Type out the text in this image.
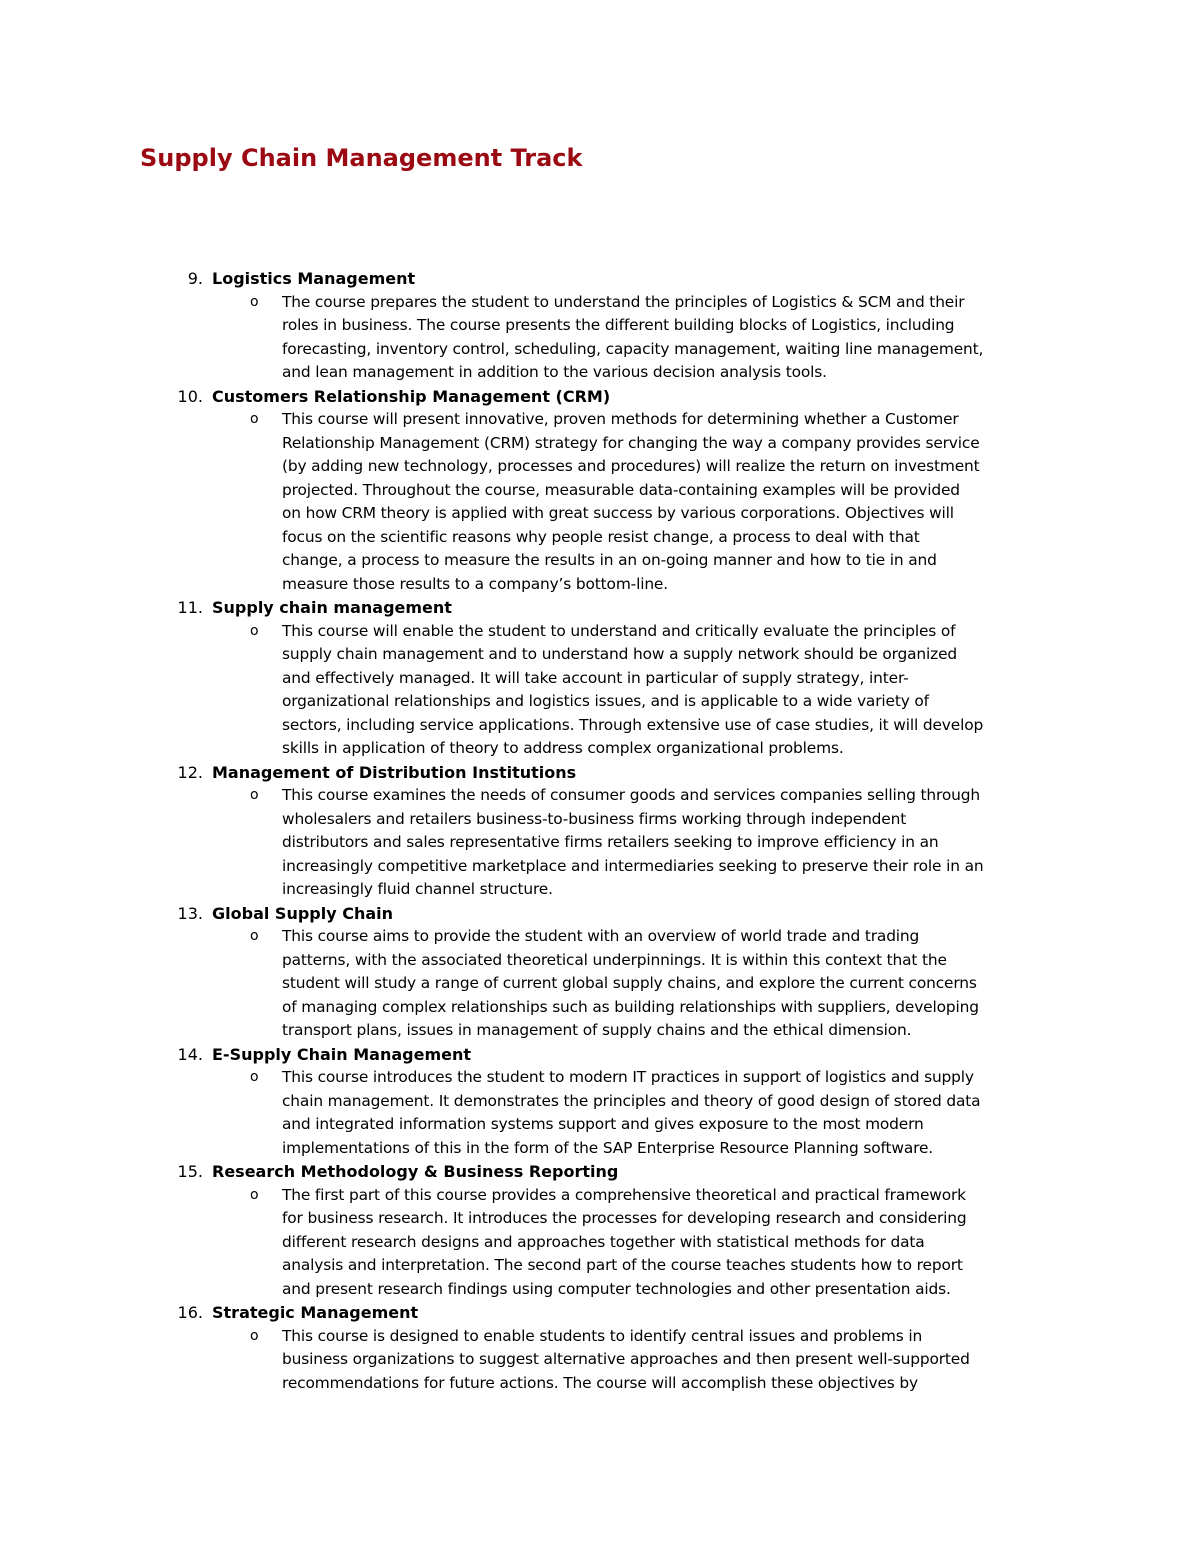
Supply Chain Management Track
9. Logistics Management
o The course prepares the student to understand the principles of Logistics & SCM and their
roles in business. The course presents the different building blocks of Logistics, including
forecasting, inventory control, scheduling, capacity management, waiting line management,
and lean management in addition to the various decision analysis tools.

10. Customers Relationship Management (CRM)
o This course will present innovative, proven methods for determining whether a Customer
Relationship Management (CRM) strategy for changing the way a company provides service
(by adding new technology, processes and procedures) will realize the return on investment
projected. Throughout the course, measurable data-containing examples will be provided
on how CRM theory is applied with great success by various corporations. Objectives will
focus on the scientific reasons why people resist change, a process to deal with that
change, a process to measure the results in an on-going manner and how to tie in and
measure those results to a company’s bottom-line.

11. Supply chain management
o This course will enable the student to understand and critically evaluate the principles of
supply chain management and to understand how a supply network should be organized
and effectively managed. It will take account in particular of supply strategy, inter-
organizational relationships and logistics issues, and is applicable to a wide variety of
sectors, including service applications. Through extensive use of case studies, it will develop
skills in application of theory to address complex organizational problems.

12. Management of Distribution Institutions
o This course examines the needs of consumer goods and services companies selling through
wholesalers and retailers business-to-business firms working through independent
distributors and sales representative firms retailers seeking to improve efficiency in an
increasingly competitive marketplace and intermediaries seeking to preserve their role in an
increasingly fluid channel structure.

13. Global Supply Chain
o This course aims to provide the student with an overview of world trade and trading
patterns, with the associated theoretical underpinnings. It is within this context that the
student will study a range of current global supply chains, and explore the current concerns
of managing complex relationships such as building relationships with suppliers, developing
transport plans, issues in management of supply chains and the ethical dimension.

14. E-Supply Chain Management
o This course introduces the student to modern IT practices in support of logistics and supply
chain management. It demonstrates the principles and theory of good design of stored data
and integrated information systems support and gives exposure to the most modern
implementations of this in the form of the SAP Enterprise Resource Planning software.

15. Research Methodology & Business Reporting
o The first part of this course provides a comprehensive theoretical and practical framework
for business research. It introduces the processes for developing research and considering
different research designs and approaches together with statistical methods for data
analysis and interpretation. The second part of the course teaches students how to report
and present research findings using computer technologies and other presentation aids.

16. Strategic Management
o This course is designed to enable students to identify central issues and problems in
business organizations to suggest alternative approaches and then present well-supported
recommendations for future actions. The course will accomplish these objectives by
